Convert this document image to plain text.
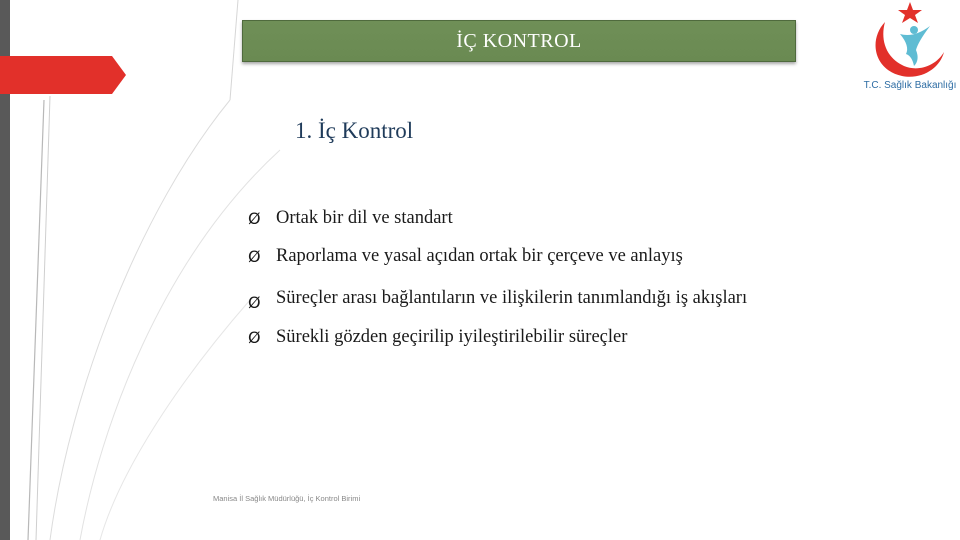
İÇ KONTROL
T.C. Sağlık Bakanlığı
1. İç Kontrol
Ø Ortak bir dil ve standart
Ø Raporlama ve yasal açıdan ortak bir çerçeve ve anlayış
Ø Süreçler arası bağlantıların ve ilişkilerin tanımlandığı iş akışları
Ø Sürekli gözden geçirilip iyileştirilebilir süreçler
Manisa İl Sağlık Müdürlüğü, İç Kontrol Birimi
